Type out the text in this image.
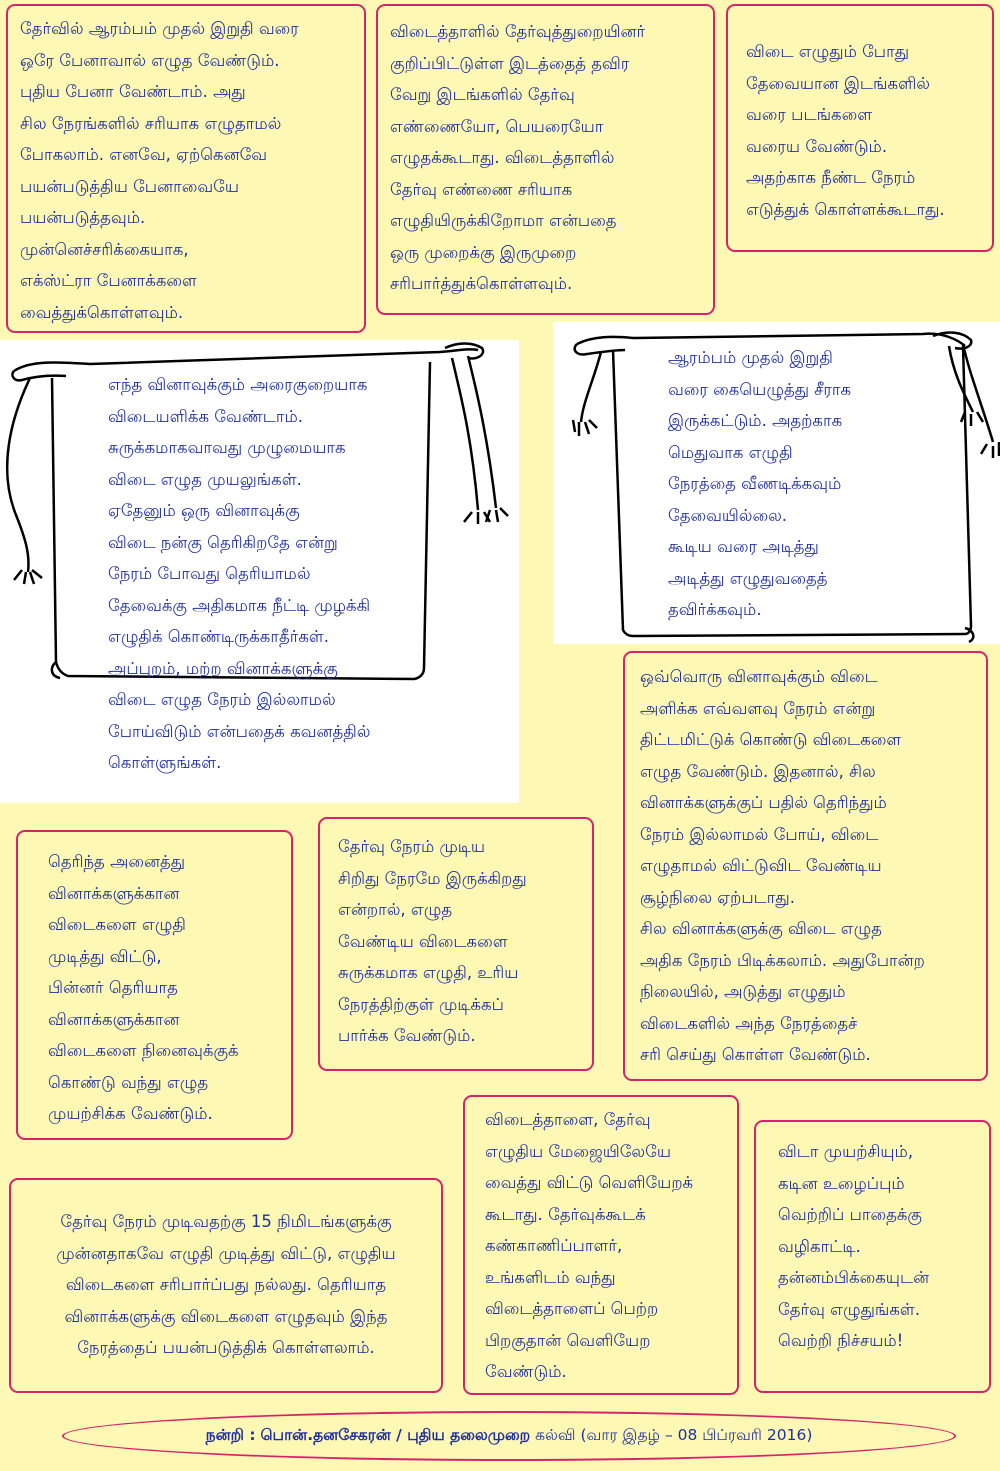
தேர்வில் ஆரம்பம் முதல் இறுதி வரை
ஒரே பேனாவால் எழுத வேண்டும்.
புதிய பேனா வேண்டாம். அது
சில நேரங்களில் சரியாக எழுதாமல்
போகலாம். எனவே, ஏற்கெனவே
பயன்படுத்திய பேனாவையே
பயன்படுத்தவும்.
முன்னெச்சரிக்கையாக,
எக்ஸ்ட்ரா பேனாக்களை
வைத்துக்கொள்ளவும்.
விடைத்தாளில் தேர்வுத்துறையினர்
குறிப்பிட்டுள்ள இடத்தைத் தவிர
வேறு இடங்களில் தேர்வு
எண்ணையோ, பெயரையோ
எழுதக்கூடாது. விடைத்தாளில்
தேர்வு எண்ணை சரியாக
எழுதியிருக்கிறோமா என்பதை
ஒரு முறைக்கு இருமுறை
சரிபார்த்துக்கொள்ளவும்.
விடை எழுதும் போது
தேவையான இடங்களில்
வரை படங்களை
வரைய வேண்டும்.
அதற்காக நீண்ட நேரம்
எடுத்துக் கொள்ளக்கூடாது.
எந்த வினாவுக்கும் அரைகுறையாக
விடையளிக்க வேண்டாம்.
சுருக்கமாகவாவது முழுமையாக
விடை எழுத முயலுங்கள்.
ஏதேனும் ஒரு வினாவுக்கு
விடை நன்கு தெரிகிறதே என்று
நேரம் போவது தெரியாமல்
தேவைக்கு அதிகமாக நீட்டி முழக்கி
எழுதிக் கொண்டிருக்காதீர்கள்.
அப்புறம், மற்ற வினாக்களுக்கு
விடை எழுத நேரம் இல்லாமல்
போய்விடும் என்பதைக் கவனத்தில்
கொள்ளுங்கள்.
ஆரம்பம் முதல் இறுதி
வரை கையெழுத்து சீராக
இருக்கட்டும். அதற்காக
மெதுவாக எழுதி
நேரத்தை வீணடிக்கவும்
தேவையில்லை.
கூடிய வரை அடித்து
அடித்து எழுதுவதைத்
தவிர்க்கவும்.
ஒவ்வொரு வினாவுக்கும் விடை
அளிக்க எவ்வளவு நேரம் என்று
திட்டமிட்டுக் கொண்டு விடைகளை
எழுத வேண்டும். இதனால், சில
வினாக்களுக்குப் பதில் தெரிந்தும்
நேரம் இல்லாமல் போய், விடை
எழுதாமல் விட்டுவிட வேண்டிய
சூழ்நிலை ஏற்படாது.
சில வினாக்களுக்கு விடை எழுத
அதிக நேரம் பிடிக்கலாம். அதுபோன்ற
நிலையில், அடுத்து எழுதும்
விடைகளில் அந்த நேரத்தைச்
சரி செய்து கொள்ள வேண்டும்.
தெரிந்த அனைத்து
வினாக்களுக்கான
விடைகளை எழுதி
முடித்து விட்டு,
பின்னர் தெரியாத
வினாக்களுக்கான
விடைகளை நினைவுக்குக்
கொண்டு வந்து எழுத
முயற்சிக்க வேண்டும்.
தேர்வு நேரம் முடிய
சிறிது நேரமே இருக்கிறது
என்றால், எழுத
வேண்டிய விடைகளை
சுருக்கமாக எழுதி, உரிய
நேரத்திற்குள் முடிக்கப்
பார்க்க வேண்டும்.
தேர்வு நேரம் முடிவதற்கு 15 நிமிடங்களுக்கு
முன்னதாகவே எழுதி முடித்து விட்டு, எழுதிய
விடைகளை சரிபார்ப்பது நல்லது. தெரியாத
வினாக்களுக்கு விடைகளை எழுதவும் இந்த
நேரத்தைப் பயன்படுத்திக் கொள்ளலாம்.
விடைத்தாளை, தேர்வு
எழுதிய மேஜையிலேயே
வைத்து விட்டு வெளியேறக்
கூடாது. தேர்வுக்கூடக்
கண்காணிப்பாளர்,
உங்களிடம் வந்து
விடைத்தாளைப் பெற்ற
பிறகுதான் வெளியேற
வேண்டும்.
விடா முயற்சியும்,
கடின உழைப்பும்
வெற்றிப் பாதைக்கு
வழிகாட்டி.
தன்னம்பிக்கையுடன்
தேர்வு எழுதுங்கள்.
வெற்றி நிச்சயம்!
நன்றி :
பொன்.தனசேகரன் / புதிய தலைமுறை
கல்வி (வார இதழ் – 08 பிப்ரவரி 2016)
